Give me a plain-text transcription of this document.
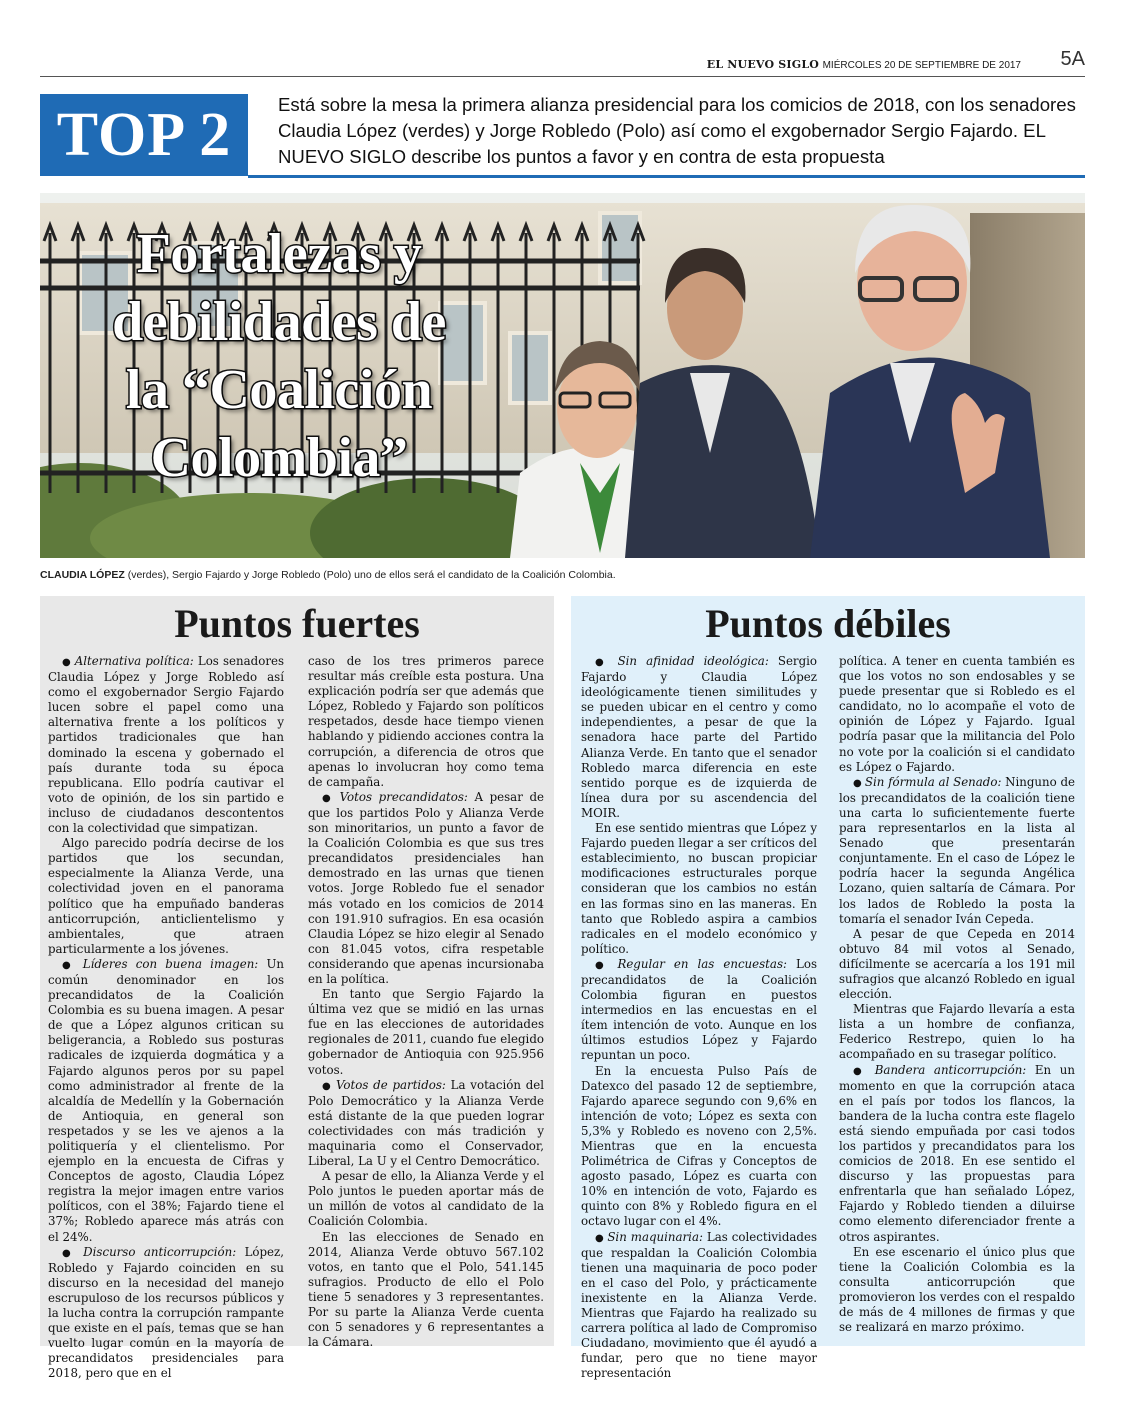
EL NUEVO SIGLO MIÉRCOLES 20 DE SEPTIEMBRE DE 2017 5A
TOP 2	Está sobre la mesa la primera alianza presidencial para los comicios de 2018, con los senadores Claudia López (verdes) y Jorge Robledo (Polo) así como el exgobernador Sergio Fajardo. EL NUEVO SIGLO describe los puntos a favor y en contra de esta propuesta
Fortalezas y
debilidades de
la “Coalición
Colombia”
CLAUDIA LÓPEZ (verdes), Sergio Fajardo y Jorge Robledo (Polo) uno de ellos será el candidato de la Coalición Colombia.
Puntos fuertes

● Alternativa política: Los senadores Claudia López y Jorge Robledo así como el exgobernador Sergio Fajardo lucen sobre el papel como una alternativa frente a los políticos y partidos tradicionales que han dominado la escena y gobernado el país durante toda su época republicana. Ello podría cautivar el voto de opinión, de los sin partido e incluso de ciudadanos descontentos con la colectividad que simpatizan.

Algo parecido podría decirse de los partidos que los secundan, especialmente la Alianza Verde, una colectividad joven en el panorama político que ha empuñado banderas anticorrupción, anticlientelismo y ambientales, que atraen particularmente a los jóvenes.

● Líderes con buena imagen: Un común denominador en los precandidatos de la Coalición Colombia es su buena imagen. A pesar de que a López algunos critican su beligerancia, a Robledo sus posturas radicales de izquierda dogmática y a Fajardo algunos peros por su papel como administrador al frente de la alcaldía de Medellín y la Gobernación de Antioquia, en general son respetados y se les ve ajenos a la politiquería y el clientelismo. Por ejemplo en la encuesta de Cifras y Conceptos de agosto, Claudia López registra la mejor imagen entre varios políticos, con el 38%; Fajardo tiene el 37%; Robledo aparece más atrás con el 24%.

● Discurso anticorrupción: López, Robledo y Fajardo coinciden en su discurso en la necesidad del manejo escrupuloso de los recursos públicos y la lucha contra la corrupción rampante que existe en el país, temas que se han vuelto lugar común en la mayoría de precandidatos presidenciales para 2018, pero que en el

caso de los tres primeros parece resultar más creíble esta postura. Una explicación podría ser que además que López, Robledo y Fajardo son políticos respetados, desde hace tiempo vienen hablando y pidiendo acciones contra la corrupción, a diferencia de otros que apenas lo involucran hoy como tema de campaña.

● Votos precandidatos: A pesar de que los partidos Polo y Alianza Verde son minoritarios, un punto a favor de la Coalición Colombia es que sus tres precandidatos presidenciales han demostrado en las urnas que tienen votos. Jorge Robledo fue el senador más votado en los comicios de 2014 con 191.910 sufragios. En esa ocasión Claudia López se hizo elegir al Senado con 81.045 votos, cifra respetable considerando que apenas incursionaba en la política.

En tanto que Sergio Fajardo la última vez que se midió en las urnas fue en las elecciones de autoridades regionales de 2011, cuando fue elegido gobernador de Antioquia con 925.956 votos.

● Votos de partidos: La votación del Polo Democrático y la Alianza Verde está distante de la que pueden lograr colectividades con más tradición y maquinaria como el Conservador, Liberal, La U y el Centro Democrático.

A pesar de ello, la Alianza Verde y el Polo juntos le pueden aportar más de un millón de votos al candidato de la Coalición Colombia.

En las elecciones de Senado en 2014, Alianza Verde obtuvo 567.102 votos, en tanto que el Polo, 541.145 sufragios. Producto de ello el Polo tiene 5 senadores y 3 representantes. Por su parte la Alianza Verde cuenta con 5 senadores y 6 representantes a la Cámara.

Puntos débiles

● Sin afinidad ideológica: Sergio Fajardo y Claudia López ideológicamente tienen similitudes y se pueden ubicar en el centro y como independientes, a pesar de que la senadora hace parte del Partido Alianza Verde. En tanto que el senador Robledo marca diferencia en este sentido porque es de izquierda de línea dura por su ascendencia del MOIR.

En ese sentido mientras que López y Fajardo pueden llegar a ser críticos del establecimiento, no buscan propiciar modificaciones estructurales porque consideran que los cambios no están en las formas sino en las maneras. En tanto que Robledo aspira a cambios radicales en el modelo económico y político.

● Regular en las encuestas: Los precandidatos de la Coalición Colombia figuran en puestos intermedios en las encuestas en el ítem intención de voto. Aunque en los últimos estudios López y Fajardo repuntan un poco.

En la encuesta Pulso País de Datexco del pasado 12 de septiembre, Fajardo aparece segundo con 9,6% en intención de voto; López es sexta con 5,3% y Robledo es noveno con 2,5%. Mientras que en la encuesta Polimétrica de Cifras y Conceptos de agosto pasado, López es cuarta con 10% en intención de voto, Fajardo es quinto con 8% y Robledo figura en el octavo lugar con el 4%.

● Sin maquinaria: Las colectividades que respaldan la Coalición Colombia tienen una maquinaria de poco poder en el caso del Polo, y prácticamente inexistente en la Alianza Verde. Mientras que Fajardo ha realizado su carrera política al lado de Compromiso Ciudadano, movimiento que él ayudó a fundar, pero que no tiene mayor representación

política. A tener en cuenta también es que los votos no son endosables y se puede presentar que si Robledo es el candidato, no lo acompañe el voto de opinión de López y Fajardo. Igual podría pasar que la militancia del Polo no vote por la coalición si el candidato es López o Fajardo.

● Sin fórmula al Senado: Ninguno de los precandidatos de la coalición tiene una carta lo suficientemente fuerte para representarlos en la lista al Senado que presentarán conjuntamente. En el caso de López le podría hacer la segunda Angélica Lozano, quien saltaría de Cámara. Por los lados de Robledo la posta la tomaría el senador Iván Cepeda.

A pesar de que Cepeda en 2014 obtuvo 84 mil votos al Senado, difícilmente se acercaría a los 191 mil sufragios que alcanzó Robledo en igual elección.

Mientras que Fajardo llevaría a esta lista a un hombre de confianza, Federico Restrepo, quien lo ha acompañado en su trasegar político.

● Bandera anticorrupción: En un momento en que la corrupción ataca en el país por todos los flancos, la bandera de la lucha contra este flagelo está siendo empuñada por casi todos los partidos y precandidatos para los comicios de 2018. En ese sentido el discurso y las propuestas para enfrentarla que han señalado López, Fajardo y Robledo tienden a diluirse como elemento diferenciador frente a otros aspirantes.

En ese escenario el único plus que tiene la Coalición Colombia es la consulta anticorrupción que promovieron los verdes con el respaldo de más de 4 millones de firmas y que se realizará en marzo próximo.
